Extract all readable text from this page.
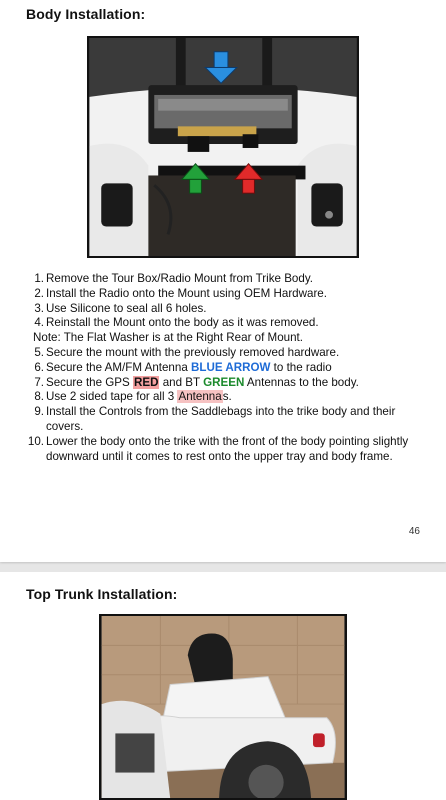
Body Installation:
1. Remove the Tour Box/Radio Mount from Trike Body.
2. Install the Radio onto the Mount using OEM Hardware.
3. Use Silicone to seal all 6 holes.
4. Reinstall the Mount onto the body as it was removed.
Note: The Flat Washer is at the Right Rear of Mount.
5. Secure the mount with the previously removed hardware.
6. Secure the AM/FM Antenna BLUE ARROW to the radio
7. Secure the GPS RED and BT GREEN Antennas to the body.
8. Use 2 sided tape for all 3 Antennas.
9. Install the Controls from the Saddlebags into the trike body and their covers.
10. Lower the body onto the trike with the front of the body pointing slightly downward until it comes to rest onto the upper tray and body frame.
46
Top Trunk Installation:
